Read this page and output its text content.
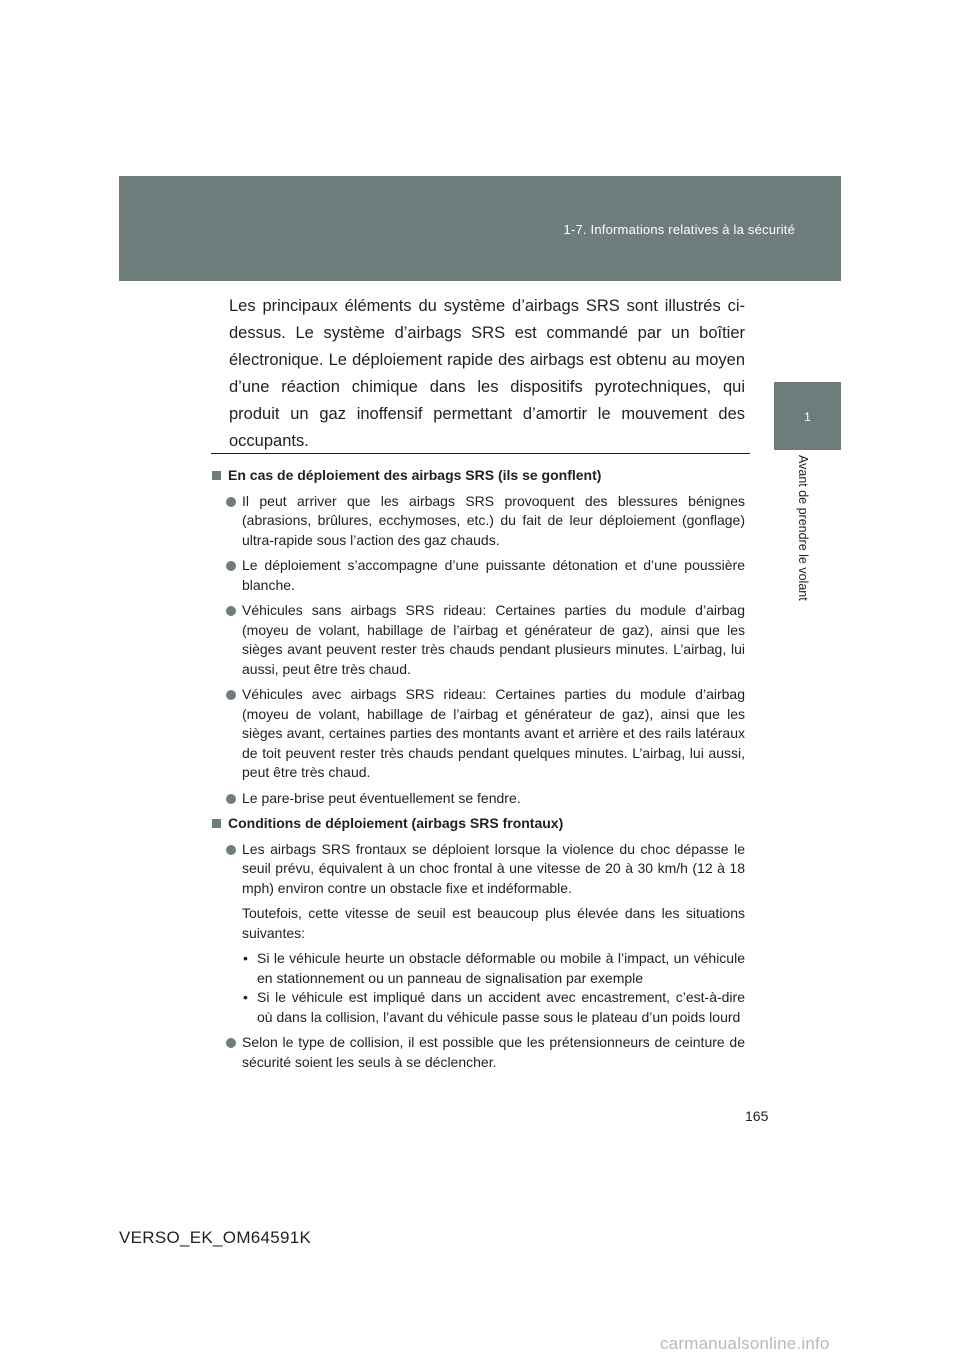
1-7. Informations relatives à la sécurité
1
Avant de prendre le volant

Les principaux éléments du système d’airbags SRS sont illustrés ci-dessus. Le système d’airbags SRS est commandé par un boîtier électronique. Le déploiement rapide des airbags est obtenu au moyen d’une réaction chimique dans les dispositifs pyrotechniques, qui produit un gaz inoffensif permettant d’amortir le mouvement des occupants.

En cas de déploiement des airbags SRS (ils se gonflent)
Il peut arriver que les airbags SRS provoquent des blessures bénignes (abrasions, brûlures, ecchymoses, etc.) du fait de leur déploiement (gonflage) ultra-rapide sous l’action des gaz chauds.
Le déploiement s’accompagne d’une puissante détonation et d’une poussière blanche.
Véhicules sans airbags SRS rideau: Certaines parties du module d’airbag (moyeu de volant, habillage de l’airbag et générateur de gaz), ainsi que les sièges avant peuvent rester très chauds pendant plusieurs minutes. L’airbag, lui aussi, peut être très chaud.
Véhicules avec airbags SRS rideau: Certaines parties du module d’airbag (moyeu de volant, habillage de l’airbag et générateur de gaz), ainsi que les sièges avant, certaines parties des montants avant et arrière et des rails latéraux de toit peuvent rester très chauds pendant quelques minutes. L’airbag, lui aussi, peut être très chaud.
Le pare-brise peut éventuellement se fendre.
Conditions de déploiement (airbags SRS frontaux)
Les airbags SRS frontaux se déploient lorsque la violence du choc dépasse le seuil prévu, équivalent à un choc frontal à une vitesse de 20 à 30 km/h (12 à 18 mph) environ contre un obstacle fixe et indéformable.
Toutefois, cette vitesse de seuil est beaucoup plus élevée dans les situations suivantes:
• Si le véhicule heurte un obstacle déformable ou mobile à l’impact, un véhicule en stationnement ou un panneau de signalisation par exemple
• Si le véhicule est impliqué dans un accident avec encastrement, c’est-à-dire où dans la collision, l’avant du véhicule passe sous le plateau d’un poids lourd
Selon le type de collision, il est possible que les prétensionneurs de ceinture de sécurité soient les seuls à se déclencher.
165
VERSO_EK_OM64591K
carmanualsonline.info
